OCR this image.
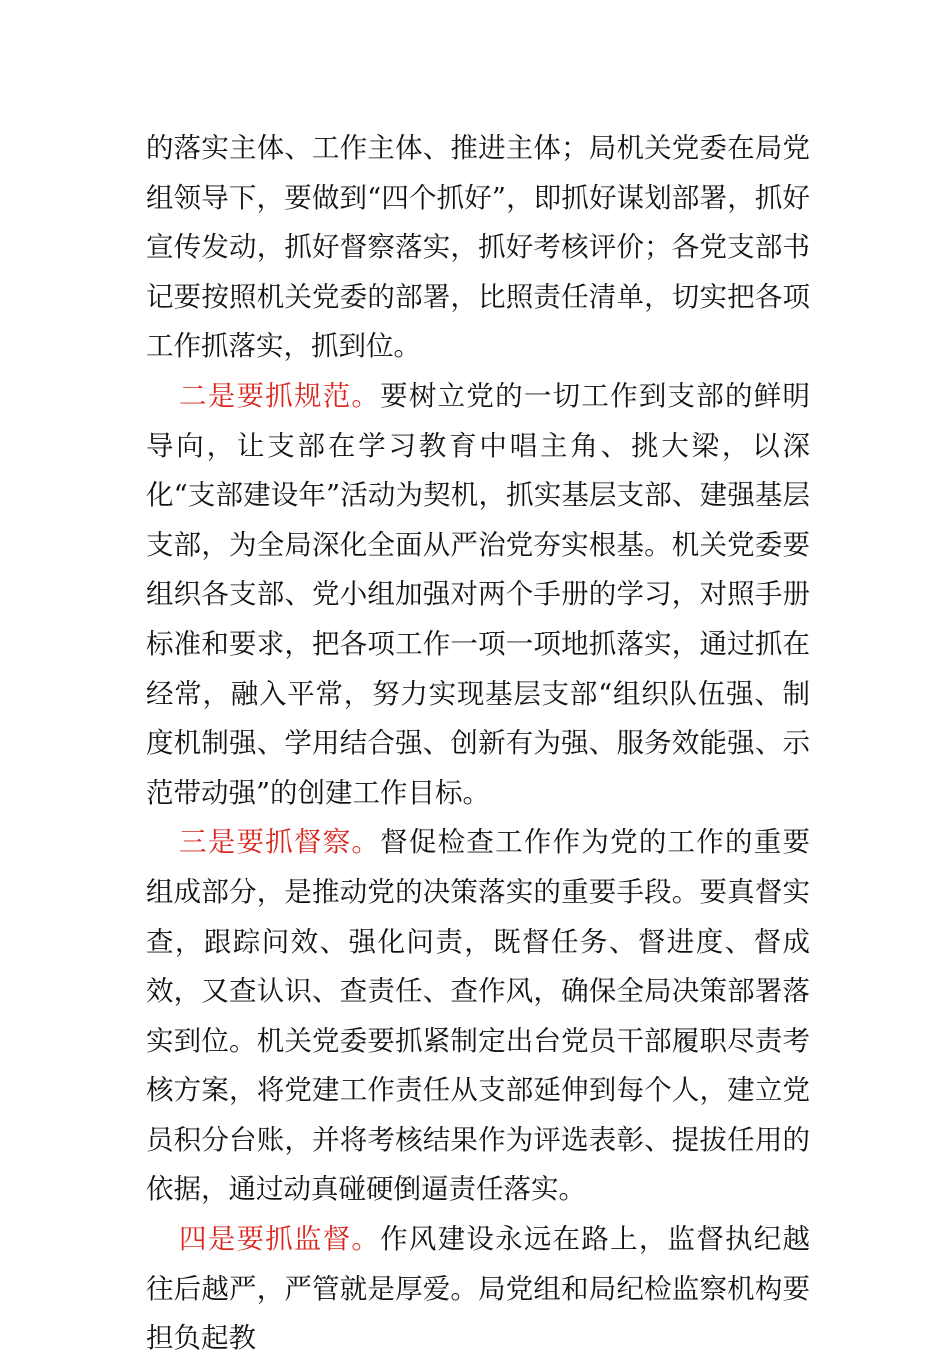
的落实主体、工作主体、推进主体；局机关党委在局党组领导下，要做到“四个抓好”，即抓好谋划部署，抓好宣传发动，抓好督察落实，抓好考核评价；各党支部书记要按照机关党委的部署，比照责任清单，切实把各项工作抓落实，抓到位。

二是要抓规范。要树立党的一切工作到支部的鲜明导向，让支部在学习教育中唱主角、挑大梁，以深化“支部建设年”活动为契机，抓实基层支部、建强基层支部，为全局深化全面从严治党夯实根基。机关党委要组织各支部、党小组加强对两个手册的学习，对照手册标准和要求，把各项工作一项一项地抓落实，通过抓在经常，融入平常，努力实现基层支部“组织队伍强、制度机制强、学用结合强、创新有为强、服务效能强、示范带动强”的创建工作目标。

三是要抓督察。督促检查工作作为党的工作的重要组成部分，是推动党的决策落实的重要手段。要真督实查，跟踪问效、强化问责，既督任务、督进度、督成效，又查认识、查责任、查作风，确保全局决策部署落实到位。机关党委要抓紧制定出台党员干部履职尽责考核方案，将党建工作责任从支部延伸到每个人，建立党员积分台账，并将考核结果作为评选表彰、提拔任用的依据，通过动真碰硬倒逼责任落实。

四是要抓监督。作风建设永远在路上，监督执纪越往后越严，严管就是厚爱。局党组和局纪检监察机构要担负起教
